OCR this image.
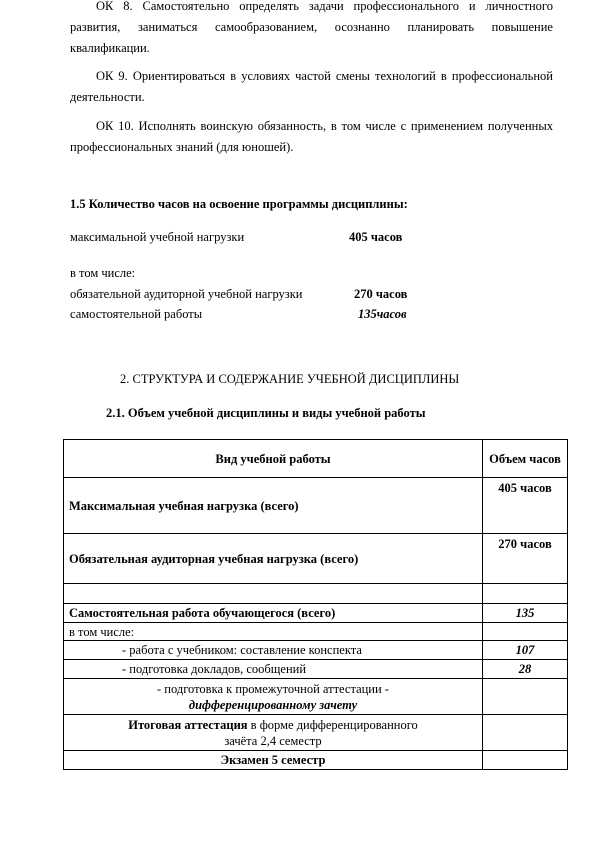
ОК 8. Самостоятельно определять задачи профессионального и личностного развития, заниматься самообразованием, осознанно планировать повышение квалификации.
ОК 9. Ориентироваться в условиях частой смены технологий в профессиональной деятельности.
ОК 10. Исполнять воинскую обязанность, в том числе с применением полученных профессиональных знаний (для юношей).
1.5 Количество часов на освоение программы дисциплины:
максимальной учебной нагрузки	405 часов
в том числе:
обязательной аудиторной учебной нагрузки	270 часов
самостоятельной работы	135часов
2. СТРУКТУРА И СОДЕРЖАНИЕ УЧЕБНОЙ ДИСЦИПЛИНЫ
2.1. Объем учебной дисциплины и виды учебной работы
Вид учебной работы	Объем часов
Максимальная учебная нагрузка (всего)	405 часов
Обязательная аудиторная учебная нагрузка (всего)	270 часов

Самостоятельная работа обучающегося (всего)	135
в том числе:	
- работа с учебником: составление конспекта	107
- подготовка докладов, сообщений	28

- подготовка к промежуточной аттестации -
дифференцированному зачету	

Итоговая аттестация в форме дифференцированного
зачёта 2,4 семестр	

Экзамен 5 семестр	
